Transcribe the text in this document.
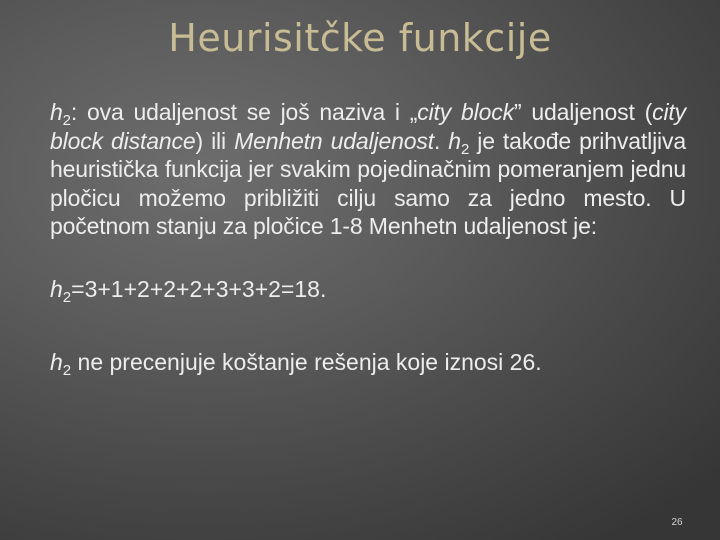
Heurisitčke funkcije

$h_2$: ova udaljenost se još naziva i „city block” udaljenost (city block distance) ili Menhetn udaljenost. $h_2$ je takođe prihvatljiva heuristička funkcija jer svakim pojedinačnim pomeranjem jednu pločicu možemo približiti cilju samo za jedno mesto. U početnom stanju za pločice 1-8 Menhetn udaljenost je:

$h_2=3+1+2+2+2+3+3+2=18$.

$h_2$ ne precenjuje koštanje rešenja koje iznosi 26.

26
